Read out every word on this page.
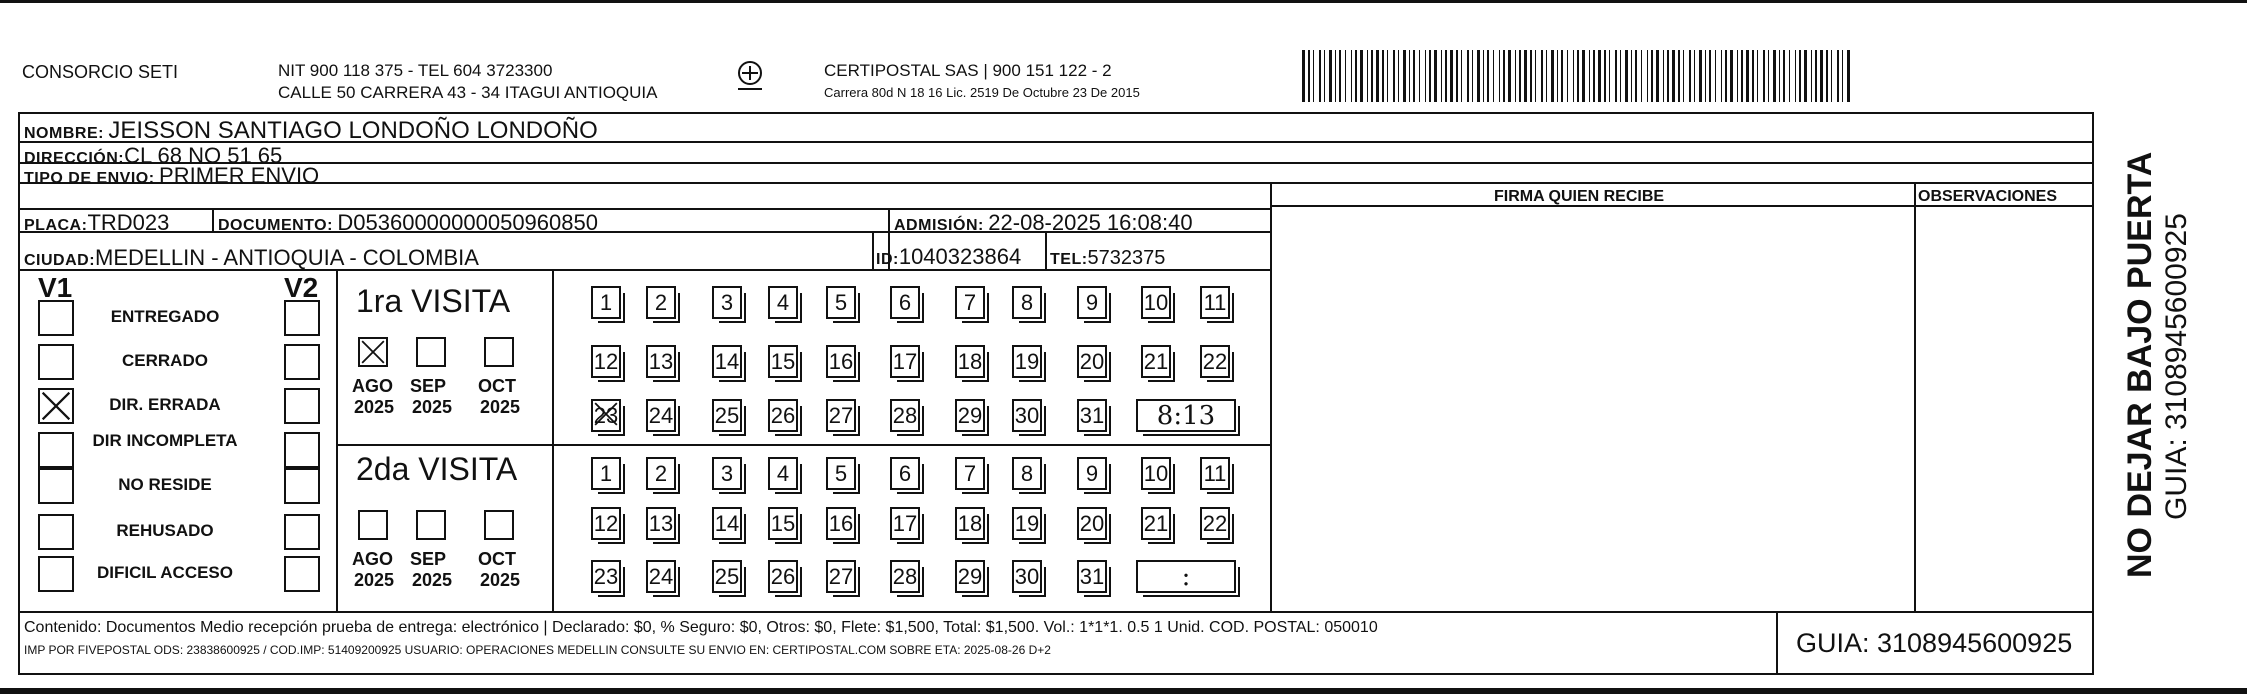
CONSORCIO SETI	NIT 900 118 375 - TEL 604 3723300
CALLE 50 CARRERA 43 - 34 ITAGUI ANTIOQUIA
CERTIPOSTAL SAS | 900 151 122 - 2
Carrera 80d N 18 16 Lic. 2519 De Octubre 23 De 2015
NOMBRE: JEISSON SANTIAGO LONDOÑO LONDOÑO
DIRECCIÓN:CL 68 NO 51 65
TIPO DE ENVIO: PRIMER ENVIO
FIRMA QUIEN RECIBE	OBSERVACIONES
PLACA:TRD023	DOCUMENTO: D05360000000050960850	ADMISIÓN: 22-08-2025 16:08:40
CIUDAD:MEDELLIN - ANTIOQUIA - COLOMBIA	ID:1040323864 TEL:5732375
V1	V2
ENTREGADO
CERRADO
DIR. ERRADA
DIR INCOMPLETA
NO RESIDE
REHUSADO
DIFICIL ACCESO
1ra VISITA
AGO
2025
SEP
2025
OCT
2025
1	2	3	4	5	6	7	8	9	10 11
12 13 14 15 16 17 18 19 20 21 22
23 24 25 26 27 28 29 30 31	8:13
2da VISITA
AGO
2025
SEP
2025
OCT
2025
1	2	3	4	5	6	7	8	9	10 11
12 13 14 15 16 17 18 19 20 21 22
23 24 25 26 27 28 29 30 31	:
Contenido: Documentos Medio recepción prueba de entrega: electrónico | Declarado: $0, % Seguro: $0, Otros: $0, Flete: $1,500, Total: $1,500. Vol.: 1*1*1. 0.5 1 Unid. COD. POSTAL: 050010
IMP POR FIVEPOSTAL ODS: 23838600925 / COD.IMP: 51409200925 USUARIO: OPERACIONES MEDELLIN CONSULTE SU ENVIO EN: CERTIPOSTAL.COM SOBRE ETA: 2025-08-26 D+2	GUIA: 3108945600925
NO DEJAR BAJO PUERTA GUIA: 3108945600925
